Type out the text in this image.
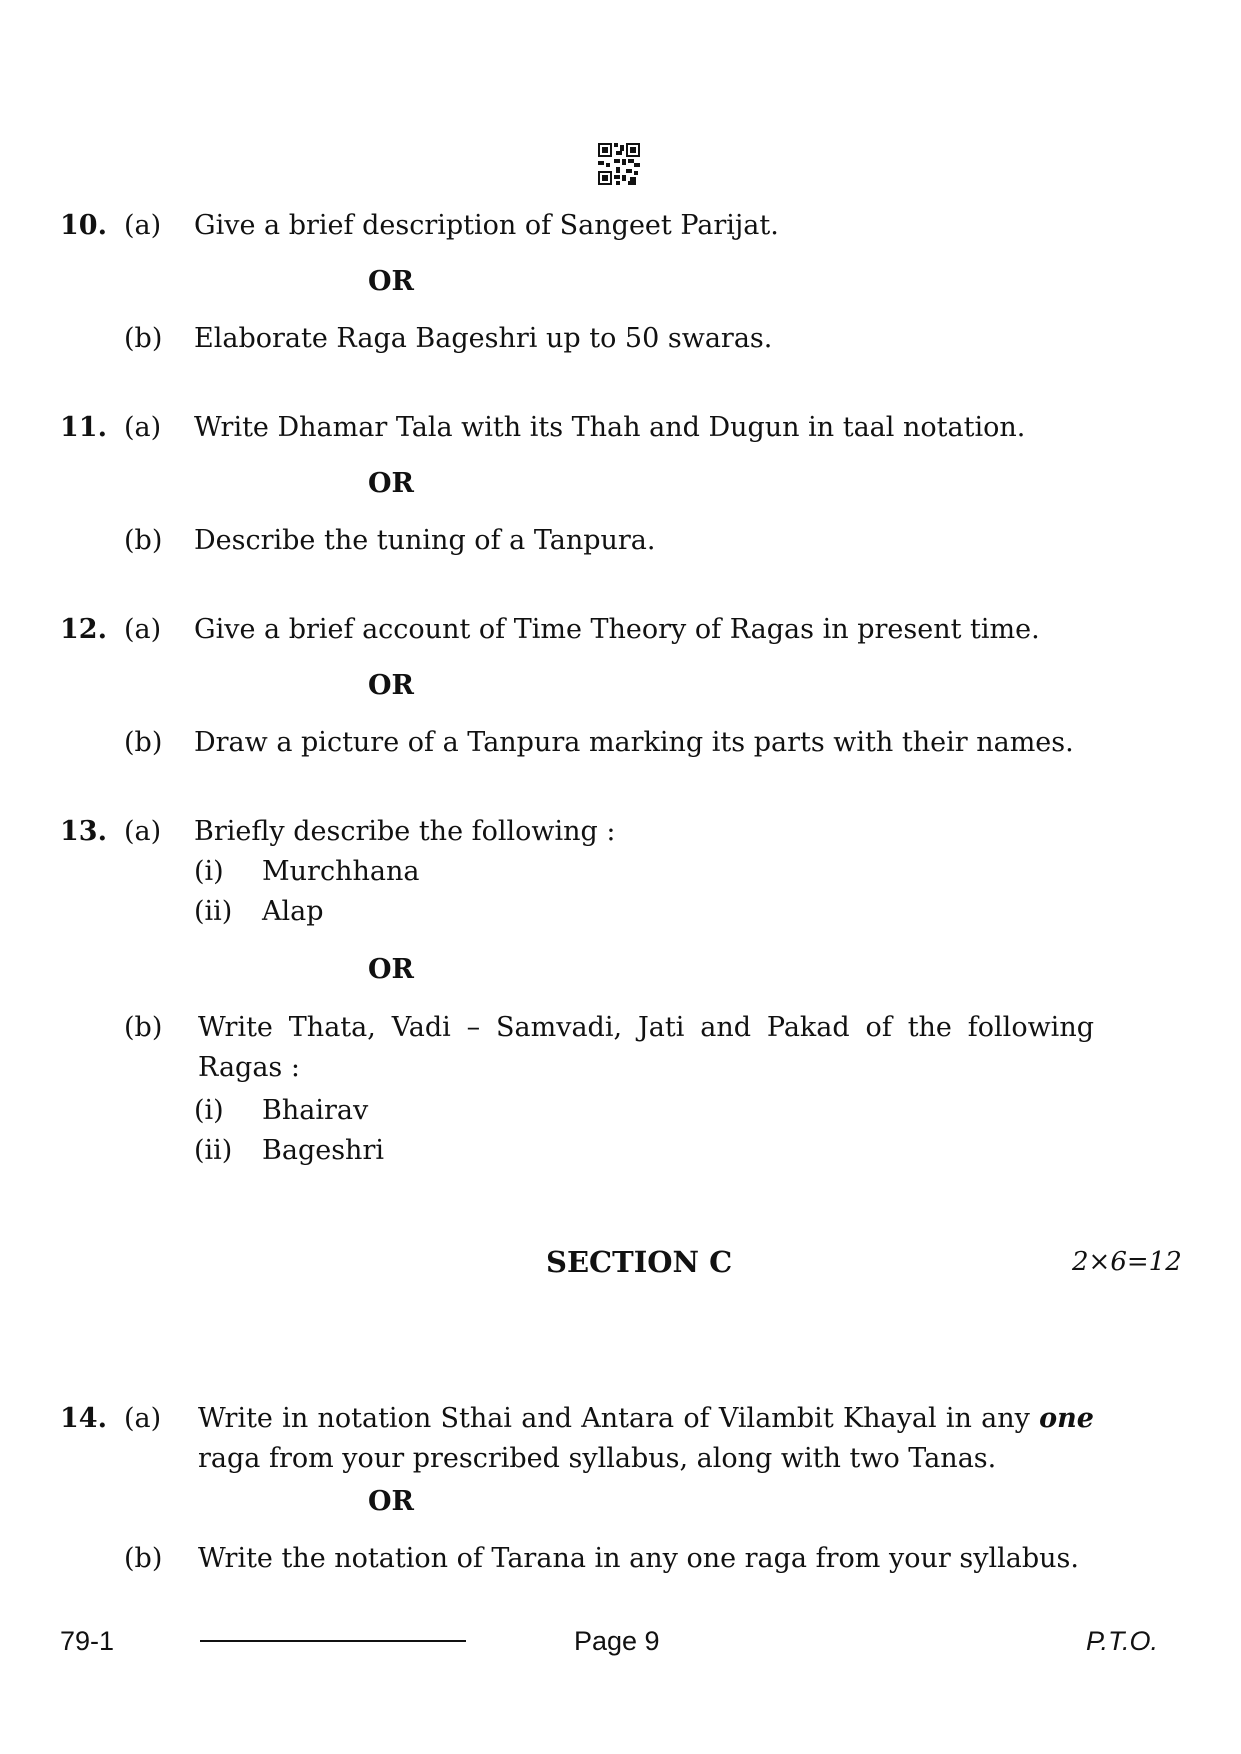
10. (a) Give a brief description of Sangeet Parijat.
OR
(b) Elaborate Raga Bageshri up to 50 swaras.
11. (a) Write Dhamar Tala with its Thah and Dugun in taal notation.
OR
(b) Describe the tuning of a Tanpura.
12. (a) Give a brief account of Time Theory of Ragas in present time.
OR
(b) Draw a picture of a Tanpura marking its parts with their names.
13. (a) Briefly describe the following :
(i) Murchhana
(ii) Alap
OR
(b) Write Thata, Vadi – Samvadi, Jati and Pakad of the following Ragas :
(i) Bhairav
(ii) Bageshri
SECTION C	2×6=12
14. (a) Write in notation Sthai and Antara of Vilambit Khayal in any one raga from your prescribed syllabus, along with two Tanas.
OR
(b) Write the notation of Tarana in any one raga from your syllabus.
79-1	Page 9	P.T.O.
